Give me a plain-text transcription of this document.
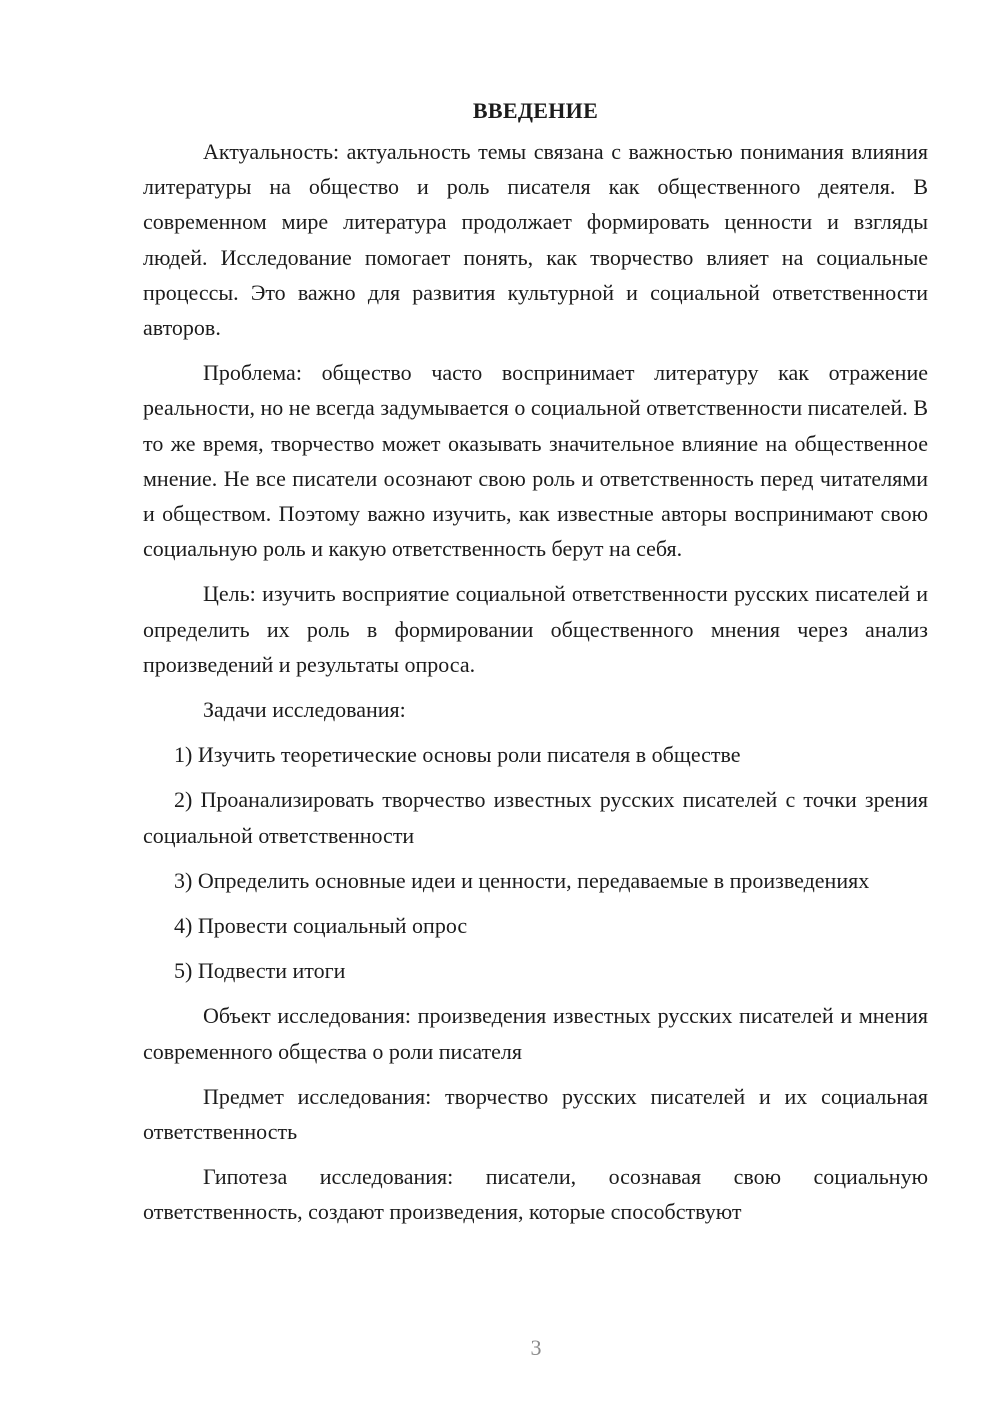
ВВЕДЕНИЕ

Актуальность: актуальность темы связана с важностью понимания влияния литературы на общество и роль писателя как общественного деятеля. В современном мире литература продолжает формировать ценности и взгляды людей. Исследование помогает понять, как творчество влияет на социальные процессы. Это важно для развития культурной и социальной ответственности авторов.

Проблема: общество часто воспринимает литературу как отражение реальности, но не всегда задумывается о социальной ответственности писателей. В то же время, творчество может оказывать значительное влияние на общественное мнение. Не все писатели осознают свою роль и ответственность перед читателями и обществом. Поэтому важно изучить, как известные авторы воспринимают свою социальную роль и какую ответственность берут на себя.

Цель: изучить восприятие социальной ответственности русских писателей и определить их роль в формировании общественного мнения через анализ произведений и результаты опроса.

Задачи исследования:

1) Изучить теоретические основы роли писателя в обществе

2) Проанализировать творчество известных русских писателей с точки зрения социальной ответственности

3) Определить основные идеи и ценности, передаваемые в произведениях

4) Провести социальный опрос

5) Подвести итоги

Объект исследования: произведения известных русских писателей и мнения современного общества о роли писателя

Предмет исследования: творчество русских писателей и их социальная ответственность

Гипотеза исследования: писатели, осознавая свою социальную ответственность, создают произведения, которые способствуют

3
